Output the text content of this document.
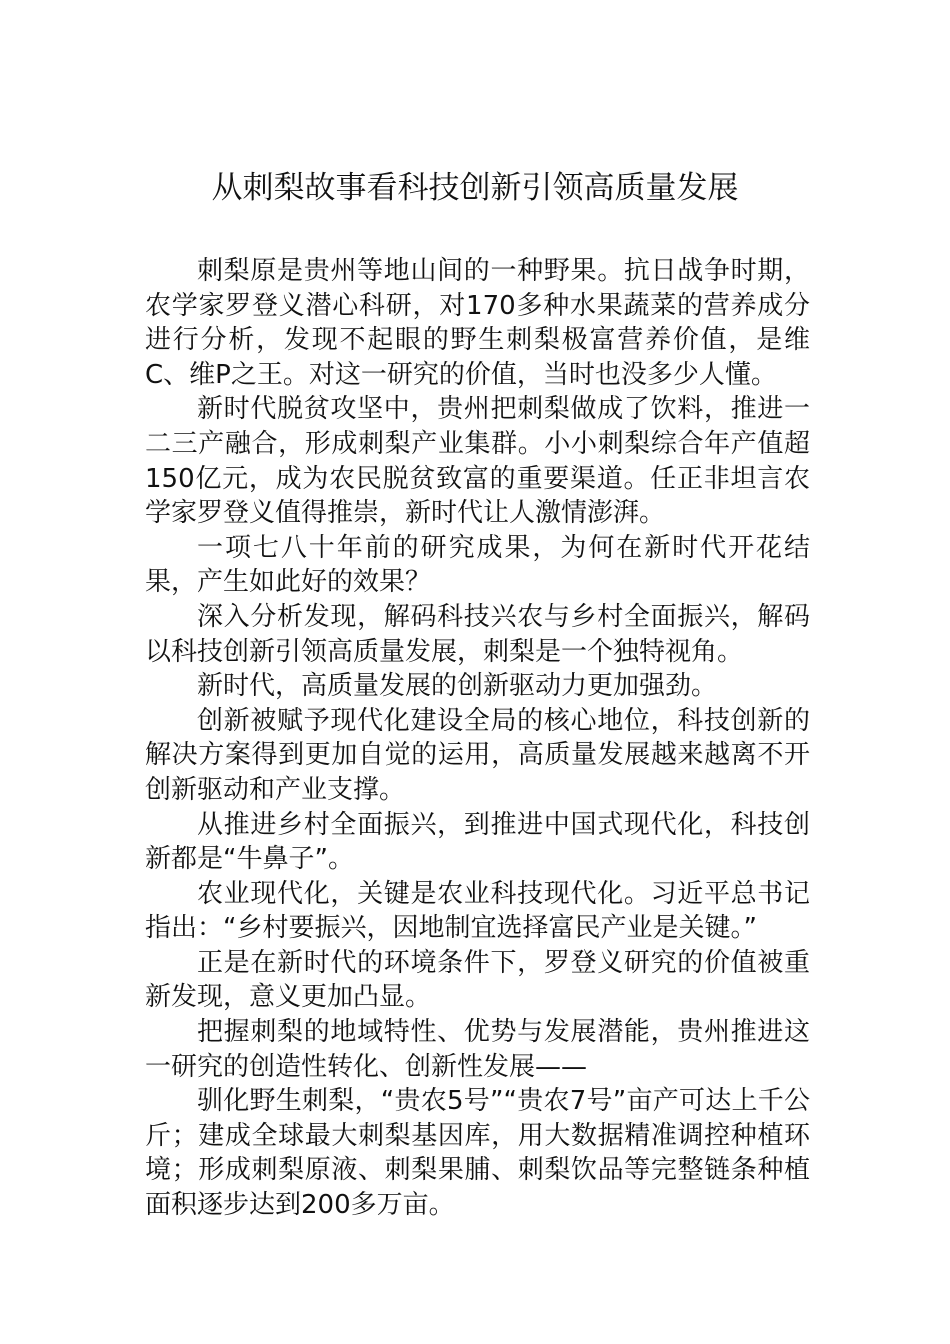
从刺梨故事看科技创新引领高质量发展

刺梨原是贵州等地山间的一种野果。抗日战争时期，农学家罗登义潜心科研，对170多种水果蔬菜的营养成分进行分析，发现不起眼的野生刺梨极富营养价值，是维C、维P之王。对这一研究的价值，当时也没多少人懂。

新时代脱贫攻坚中，贵州把刺梨做成了饮料，推进一二三产融合，形成刺梨产业集群。小小刺梨综合年产值超150亿元，成为农民脱贫致富的重要渠道。任正非坦言农学家罗登义值得推崇，新时代让人激情澎湃。

一项七八十年前的研究成果，为何在新时代开花结果，产生如此好的效果？

深入分析发现，解码科技兴农与乡村全面振兴，解码以科技创新引领高质量发展，刺梨是一个独特视角。

新时代，高质量发展的创新驱动力更加强劲。

创新被赋予现代化建设全局的核心地位，科技创新的解决方案得到更加自觉的运用，高质量发展越来越离不开创新驱动和产业支撑。

从推进乡村全面振兴，到推进中国式现代化，科技创新都是“牛鼻子”。

农业现代化，关键是农业科技现代化。习近平总书记指出：“乡村要振兴，因地制宜选择富民产业是关键。”

正是在新时代的环境条件下，罗登义研究的价值被重新发现，意义更加凸显。

把握刺梨的地域特性、优势与发展潜能，贵州推进这一研究的创造性转化、创新性发展——

驯化野生刺梨，“贵农5号”“贵农7号”亩产可达上千公斤；建成全球最大刺梨基因库，用大数据精准调控种植环境；形成刺梨原液、刺梨果脯、刺梨饮品等完整链条种植面积逐步达到200多万亩。
